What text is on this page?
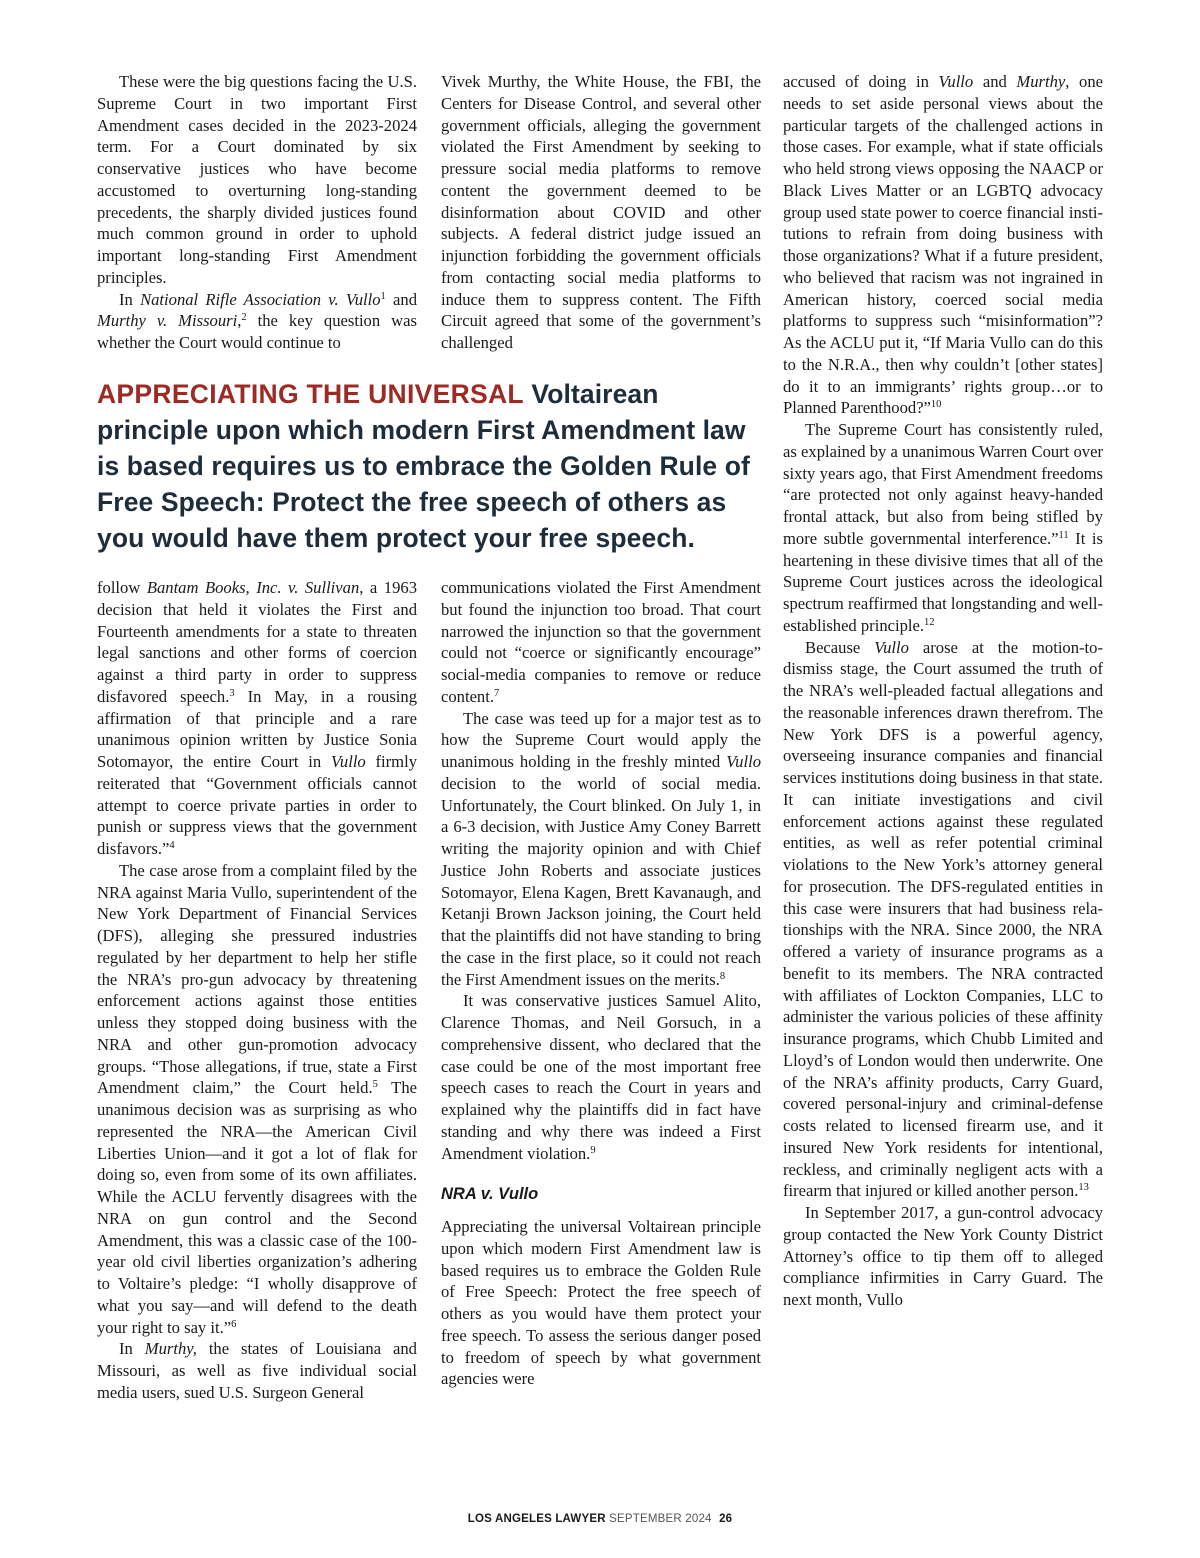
These were the big questions facing the U.S. Supreme Court in two important First Amendment cases decided in the 2023-2024 term. For a Court dominated by six conservative justices who have become accustomed to overturning long-standing precedents, the sharply divided justices found much common ground in order to uphold important long-standing First Amendment principles.

In National Rifle Association v. Vullo$^1$ and Murthy v. Missouri,$^2$ the key question was whether the Court would continue to

Vivek Murthy, the White House, the FBI, the Centers for Disease Control, and several other government officials, alleging the government violated the First Amendment by seeking to pressure social media platforms to remove content the government deemed to be disinformation about COVID and other subjects. A federal district judge issued an injunction forbidding the government officials from contacting social media platforms to induce them to suppress content. The Fifth Circuit agreed that some of the government’s challenged

APPRECIATING THE UNIVERSAL Voltairean principle upon which modern First Amendment law is based requires us to embrace the Golden Rule of Free Speech: Protect the free speech of others as you would have them protect your free speech.

follow Bantam Books, Inc. v. Sullivan, a 1963 decision that held it violates the First and Fourteenth amendments for a state to threaten legal sanctions and other forms of coercion against a third party in order to suppress disfavored speech.$^3$ In May, in a rousing affirmation of that principle and a rare unanimous opinion written by Justice Sonia Sotomayor, the entire Court in Vullo firmly reiterated that “Government officials cannot attempt to coerce private parties in order to punish or suppress views that the government disfavors.”$^4$

The case arose from a complaint filed by the NRA against Maria Vullo, superintendent of the New York Department of Financial Services (DFS), alleging she pressured industries regulated by her department to help her stifle the NRA’s pro-gun advocacy by threatening enforcement actions against those entities unless they stopped doing business with the NRA and other gun-promotion advocacy groups. “Those allegations, if true, state a First Amendment claim,” the Court held.$^5$ The unanimous decision was as surprising as who represented the NRA—the American Civil Liberties Union—and it got a lot of flak for doing so, even from some of its own affiliates. While the ACLU fervently disagrees with the NRA on gun control and the Second Amendment, this was a classic case of the 100-year old civil liberties organization’s adhering to Voltaire’s pledge: “I wholly disapprove of what you say—and will defend to the death your right to say it.”$^6$

In Murthy, the states of Louisiana and Missouri, as well as five individual social media users, sued U.S. Surgeon General

communications violated the First Amendment but found the injunction too broad. That court narrowed the injunction so that the government could not “coerce or significantly encourage” social-media companies to remove or reduce content.$^7$

The case was teed up for a major test as to how the Supreme Court would apply the unanimous holding in the freshly minted Vullo decision to the world of social media. Unfortunately, the Court blinked. On July 1, in a 6-3 decision, with Justice Amy Coney Barrett writing the majority opinion and with Chief Justice John Roberts and associate justices Sotomayor, Elena Kagen, Brett Kavanaugh, and Ketanji Brown Jackson joining, the Court held that the plaintiffs did not have standing to bring the case in the first place, so it could not reach the First Amendment issues on the merits.$^8$

It was conservative justices Samuel Alito, Clarence Thomas, and Neil Gorsuch, in a comprehensive dissent, who declared that the case could be one of the most important free speech cases to reach the Court in years and explained why the plaintiffs did in fact have standing and why there was indeed a First Amendment violation.$^9$

NRA v. Vullo

Appreciating the universal Voltairean principle upon which modern First Amendment law is based requires us to embrace the Golden Rule of Free Speech: Protect the free speech of others as you would have them protect your free speech. To assess the serious danger posed to freedom of speech by what government agencies were

accused of doing in Vullo and Murthy, one needs to set aside personal views about the particular targets of the challenged actions in those cases. For example, what if state officials who held strong views opposing the NAACP or Black Lives Matter or an LGBTQ advocacy group used state power to coerce financial institutions to refrain from doing business with those organizations? What if a future president, who believed that racism was not ingrained in American history, coerced social media platforms to suppress such “misinformation”? As the ACLU put it, “If Maria Vullo can do this to the N.R.A., then why couldn’t [other states] do it to an immigrants’ rights group…or to Planned Parenthood?”$^{10}$

The Supreme Court has consistently ruled, as explained by a unanimous Warren Court over sixty years ago, that First Amendment freedoms “are protected not only against heavy-handed frontal attack, but also from being stifled by more subtle governmental interference.”$^{11}$ It is heartening in these divisive times that all of the Supreme Court justices across the ideological spectrum reaffirmed that longstanding and well-established principle.$^{12}$

Because Vullo arose at the motion-to-dismiss stage, the Court assumed the truth of the NRA’s well-pleaded factual allegations and the reasonable inferences drawn therefrom. The New York DFS is a powerful agency, overseeing insurance companies and financial services institutions doing business in that state. It can initiate investigations and civil enforcement actions against these regulated entities, as well as refer potential criminal violations to the New York’s attorney general for prosecution. The DFS-regulated entities in this case were insurers that had business relationships with the NRA. Since 2000, the NRA offered a variety of insurance programs as a benefit to its members. The NRA contracted with affiliates of Lockton Companies, LLC to administer the various policies of these affinity insurance programs, which Chubb Limited and Lloyd’s of London would then underwrite. One of the NRA’s affinity products, Carry Guard, covered personal-injury and criminal-defense costs related to licensed firearm use, and it insured New York residents for intentional, reckless, and criminally negligent acts with a firearm that injured or killed another person.$^{13}$

In September 2017, a gun-control advocacy group contacted the New York County District Attorney’s office to tip them off to alleged compliance infirmities in Carry Guard. The next month, Vullo

LOS ANGELES LAWYER SEPTEMBER 2024 26
